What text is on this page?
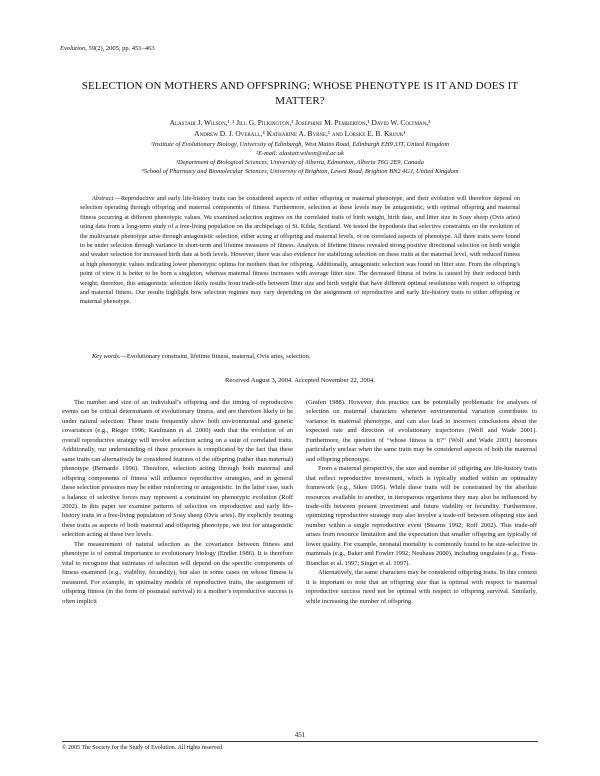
Evolution, 59(2), 2005, pp. 451–463
SELECTION ON MOTHERS AND OFFSPRING: WHOSE PHENOTYPE IS IT AND DOES IT MATTER?
Alastair J. Wilson,¹˒² Jill G. Pilkington,¹ Josephine M. Pemberton,¹ David W. Coltman,³
Andrew D. J. Overall,⁴ Katharine A. Byrne,¹ and Loeske E. B. Kruuk¹
¹Institute of Evolutionary Biology, University of Edinburgh, West Mains Road, Edinburgh EH9 3JT, United Kingdom
²E-mail: alastair.wilson@ed.ac.uk
³Department of Biological Sciences, University of Alberta, Edmonton, Alberta T6G 2E9, Canada
⁴School of Pharmacy and Biomolecular Sciences, University of Brighton, Lewes Road, Brighton BN2 4GJ, United Kingdom
Abstract.—Reproductive and early life-history traits can be considered aspects of either offspring or maternal phenotype, and their evolution will therefore depend on selection operating through offspring and maternal components of fitness. Furthermore, selection at these levels may be antagonistic, with optimal offspring and maternal fitness occurring at different phenotypic values. We examined selection regimes on the correlated traits of birth weight, birth date, and litter size in Soay sheep (Ovis aries) using data from a long-term study of a free-living population on the archipelago of St. Kilda, Scotland. We tested the hypothesis that selective constraints on the evolution of the multivariate phenotype arise through antagonistic selection, either acting at offspring and maternal levels, or on correlated aspects of phenotype. All three traits were found to be under selection through variance in short-term and lifetime measures of fitness. Analysis of lifetime fitness revealed strong positive directional selection on birth weight and weaker selection for increased birth date at both levels. However, there was also evidence for stabilizing selection on these traits at the maternal level, with reduced fitness at high phenotypic values indicating lower phenotypic optima for mothers than for offspring. Additionally, antagonistic selection was found on litter size. From the offspring’s point of view it is better to be born a singleton, whereas maternal fitness increases with average litter size. The decreased fitness of twins is caused by their reduced birth weight; therefore, this antagonistic selection likely results from trade-offs between litter size and birth weight that have different optimal resolutions with respect to offspring and maternal fitness. Our results highlight how selection regimes may vary depending on the assignment of reproductive and early life-history traits to either offspring or maternal phenotype.
Key words.—Evolutionary constraint, lifetime fitness, maternal, Ovis aries, selection.
Received August 3, 2004. Accepted November 22, 2004.

The number and size of an individual’s offspring and the timing of reproductive events can be critical determinants of evolutionary fitness, and are therefore likely to be under natural selection. These traits frequently show both environmental and genetic covariances (e.g., Rieger 1996; Kaufmann et al. 2000) such that the evolution of an overall reproductive strategy will involve selection acting on a suite of correlated traits. Additionally, our understanding of these processes is complicated by the fact that these same traits can alternatively be considered features of the offspring (rather than maternal) phenotype (Bernardo 1996). Therefore, selection acting through both maternal and offspring components of fitness will influence reproductive strategies, and in general these selection pressures may be either reinforcing or antagonistic. In the latter case, such a balance of selective forces may represent a constraint on phenotypic evolution (Roff 2002). In this paper we examine patterns of selection on reproductive and early life-history traits in a free-living population of Soay sheep (Ovis aries). By explicitly treating these traits as aspects of both maternal and offspring phenotype, we test for antagonistic selection acting at these two levels.

The measurement of natural selection as the covariance between fitness and phenotype is of central importance to evolutionary biology (Endler 1986). It is therefore vital to recognize that estimates of selection will depend on the specific components of fitness examined (e.g., viability, fecundity), but also in some cases on whose fitness is measured. For example, in optimality models of reproductive traits, the assignment of offspring fitness (in the form of postnatal survival) to a mother’s reproductive success is often implicit

(Grafen 1988). However, this practice can be potentially problematic for analyses of selection on maternal characters whenever environmental variation contributes to variance in maternal phenotype, and can also lead to incorrect conclusions about the expected rate and direction of evolutionary trajectories (Wolf and Wade 2001). Furthermore, the question of “whose fitness is it?” (Wolf and Wade 2001) becomes particularly unclear when the same traits may be considered aspects of both the maternal and offspring phenotype.

From a maternal perspective, the size and number of offspring are life-history traits that reflect reproductive investment, which is typically studied within an optimality framework (e.g., Sikes 1995). While these traits will be constrained by the absolute resources available to another, in iteroparous organisms they may also be influenced by trade-offs between present investment and future viability or fecundity. Furthermore, optimizing reproductive strategy may also involve a trade-off between offspring size and number within a single reproductive event (Stearns 1992; Roff 2002). This trade-off arises from resource limitation and the expectation that smaller offspring are typically of lower quality. For example, neonatal mortality is commonly found to be size-selective in mammals (e.g., Baker and Fowler 1992; Neuhaus 2000), including ungulates (e.g., Festa-Bianchet et al. 1997; Singer et al. 1997).

Alternatively, the same characters may be considered offspring traits. In this context it is important to note that an offspring size that is optimal with respect to maternal reproductive success need not be optimal with respect to offspring survival. Similarly, while increasing the number of offspring

451
© 2005 The Society for the Study of Evolution. All rights reserved.
